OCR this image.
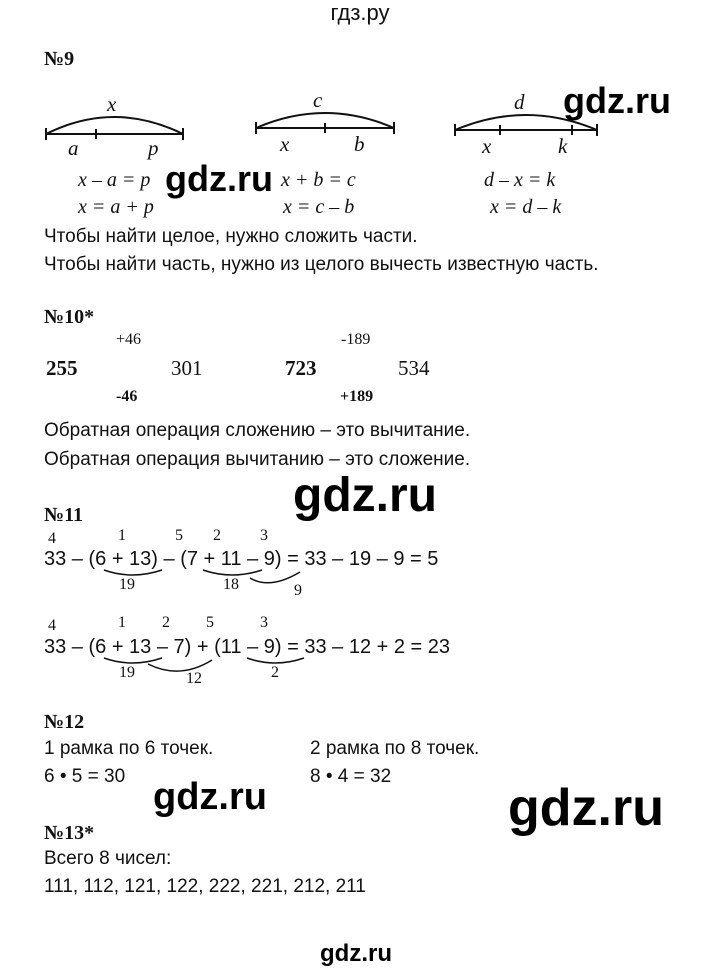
гдз.ру
№9
x
a	p
c
x	b
d
x	k
x – a = p
x = a + p
x + b = c
x = c – b
d – x = k
x = d – k
Чтобы найти целое, нужно сложить части.
Чтобы найти часть, нужно из целого вычесть известную часть.
№10*
+46
255	301
-46
-189
723	534
+189
Обратная операция сложению – это вычитание.
Обратная операция вычитанию – это сложение.
№11
4	1	5 2 3
33 – (6 + 13) – (7 + 11 – 9) = 33 – 19 – 9 = 5
19	18	9
4	1 2 5	3
33 – (6 + 13 – 7) + (11 – 9) = 33 – 12 + 2 = 23
19	12	2
№12
1 рамка по 6 точек.
6 • 5 = 30
2 рамка по 8 точек.
8 • 4 = 32
№13*
Всего 8 чисел:
111, 112, 121, 122, 222, 221, 212, 211
gdz.ru
gdz.ru
gdz.ru
gdz.ru	gdz.ru
gdz.ru
